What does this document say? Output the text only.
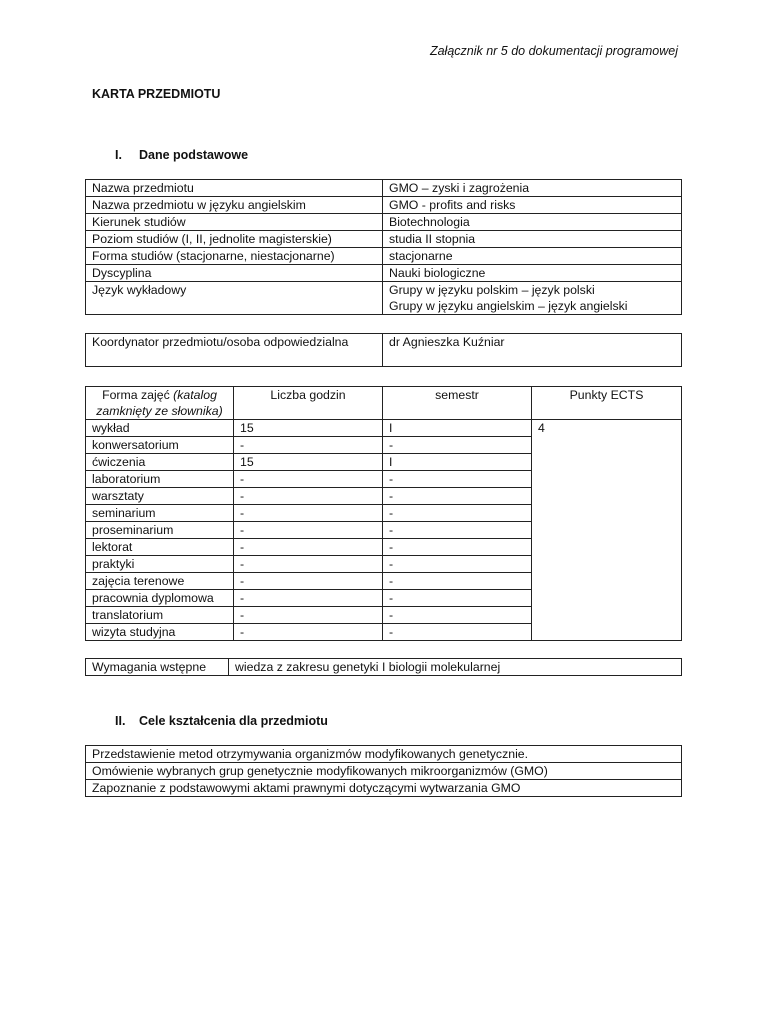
Załącznik nr 5 do dokumentacji programowej
KARTA PRZEDMIOTU
I. Dane podstawowe
Nazwa przedmiotu	GMO – zyski i zagrożenia
Nazwa przedmiotu w języku angielskim	GMO - profits and risks
Kierunek studiów	Biotechnologia
Poziom studiów (I, II, jednolite magisterskie)	studia II stopnia
Forma studiów (stacjonarne, niestacjonarne)	stacjonarne
Dyscyplina	Nauki biologiczne
Język wykładowy	Grupy w języku polskim – język polski
Grupy w języku angielskim – język angielski
Koordynator przedmiotu/osoba odpowiedzialna	dr Agnieszka Kuźniar
Forma zajęć (katalog zamknięty ze słownika)	Liczba godzin	semestr	Punkty ECTS
wykład	15	I	4
konwersatorium	-	-	
ćwiczenia	15	I	
laboratorium	-	-	
warsztaty	-	-	
seminarium	-	-	
proseminarium	-	-	
lektorat	-	-	
praktyki	-	-	
zajęcia terenowe	-	-	
pracownia dyplomowa	-	-	
translatorium	-	-	
wizyta studyjna	-	-	
Wymagania wstępne	wiedza z zakresu genetyki I biologii molekularnej
II. Cele kształcenia dla przedmiotu
Przedstawienie metod otrzymywania organizmów modyfikowanych genetycznie.
Omówienie wybranych grup genetycznie modyfikowanych mikroorganizmów (GMO)
Zapoznanie z podstawowymi aktami prawnymi dotyczącymi wytwarzania GMO
